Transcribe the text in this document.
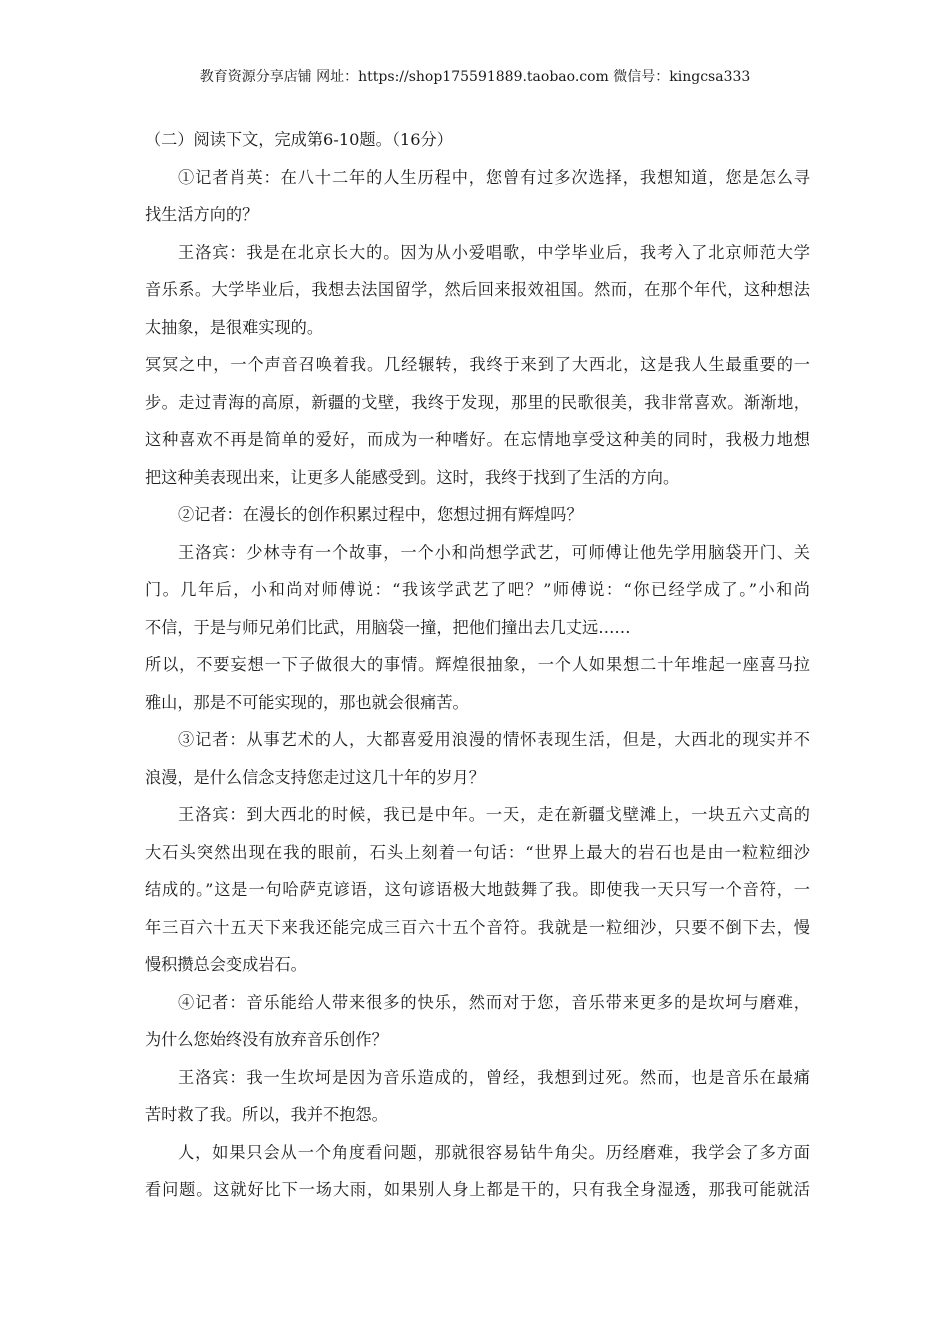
教育资源分享店铺 网址：https://shop175591889.taobao.com 微信号：kingcsa333
（二）阅读下文，完成第6-10题。（16分）
①记者肖英：在八十二年的人生历程中，您曾有过多次选择，我想知道，您是怎么寻
找生活方向的？
王洛宾：我是在北京长大的。因为从小爱唱歌，中学毕业后，我考入了北京师范大学
音乐系。大学毕业后，我想去法国留学，然后回来报效祖国。然而，在那个年代，这种想法
太抽象，是很难实现的。
冥冥之中，一个声音召唤着我。几经辗转，我终于来到了大西北，这是我人生最重要的一
步。走过青海的高原，新疆的戈壁，我终于发现，那里的民歌很美，我非常喜欢。渐渐地，
这种喜欢不再是简单的爱好，而成为一种嗜好。在忘情地享受这种美的同时，我极力地想
把这种美表现出来，让更多人能感受到。这时，我终于找到了生活的方向。
②记者：在漫长的创作积累过程中，您想过拥有辉煌吗？
王洛宾：少林寺有一个故事，一个小和尚想学武艺，可师傅让他先学用脑袋开门、关
门。几年后，小和尚对师傅说：“我该学武艺了吧？”师傅说：“你已经学成了。”小和尚
不信，于是与师兄弟们比武，用脑袋一撞，把他们撞出去几丈远……
所以，不要妄想一下子做很大的事情。辉煌很抽象，一个人如果想二十年堆起一座喜马拉
雅山，那是不可能实现的，那也就会很痛苦。
③记者：从事艺术的人，大都喜爱用浪漫的情怀表现生活，但是，大西北的现实并不
浪漫，是什么信念支持您走过这几十年的岁月？
王洛宾：到大西北的时候，我已是中年。一天，走在新疆戈壁滩上，一块五六丈高的
大石头突然出现在我的眼前，石头上刻着一句话：“世界上最大的岩石也是由一粒粒细沙
结成的。”这是一句哈萨克谚语，这句谚语极大地鼓舞了我。即使我一天只写一个音符，一
年三百六十五天下来我还能完成三百六十五个音符。我就是一粒细沙，只要不倒下去，慢
慢积攒总会变成岩石。
④记者：音乐能给人带来很多的快乐，然而对于您，音乐带来更多的是坎坷与磨难，
为什么您始终没有放弃音乐创作？
王洛宾：我一生坎坷是因为音乐造成的，曾经，我想到过死。然而，也是音乐在最痛
苦时救了我。所以，我并不抱怨。
人，如果只会从一个角度看问题，那就很容易钻牛角尖。历经磨难，我学会了多方面
看问题。这就好比下一场大雨，如果别人身上都是干的，只有我全身湿透，那我可能就活
